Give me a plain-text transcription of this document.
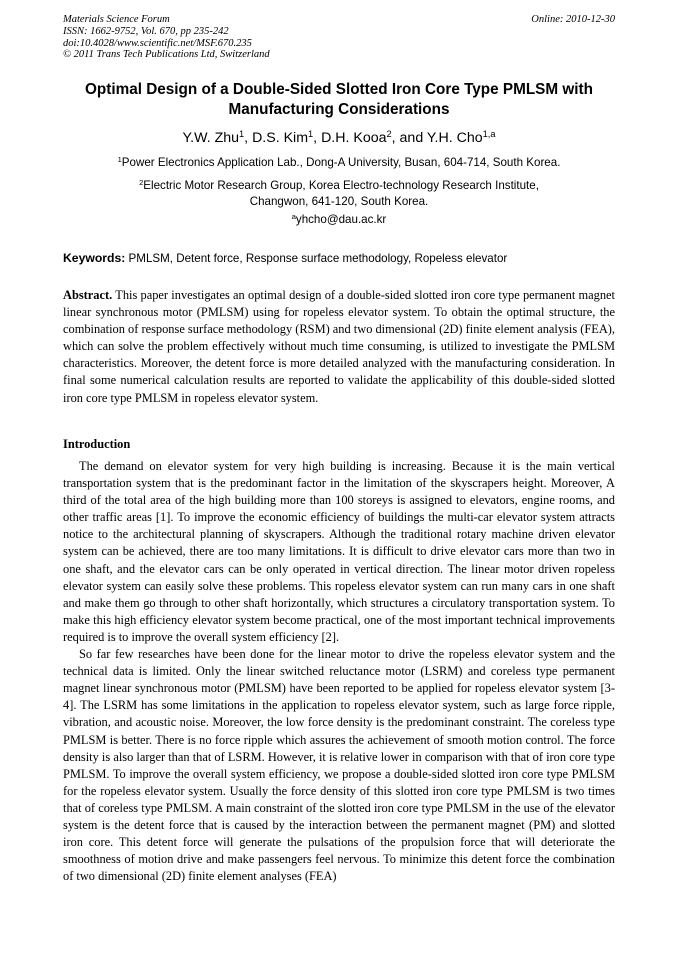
Materials Science Forum
ISSN: 1662-9752, Vol. 670, pp 235-242
doi:10.4028/www.scientific.net/MSF.670.235
© 2011 Trans Tech Publications Ltd, Switzerland
Online: 2010-12-30
Optimal Design of a Double-Sided Slotted Iron Core Type PMLSM with Manufacturing Considerations
Y.W. Zhu$^1$, D.S. Kim$^1$, D.H. Kooa$^2$, and Y.H. Cho$^{1,a}$
$^1$Power Electronics Application Lab., Dong-A University, Busan, 604-714, South Korea.
$^2$Electric Motor Research Group, Korea Electro-technology Research Institute,
Changwon, 641-120, South Korea.
$^a$yhcho@dau.ac.kr
Keywords: PMLSM, Detent force, Response surface methodology, Ropeless elevator
Abstract. This paper investigates an optimal design of a double-sided slotted iron core type permanent magnet linear synchronous motor (PMLSM) using for ropeless elevator system. To obtain the optimal structure, the combination of response surface methodology (RSM) and two dimensional (2D) finite element analysis (FEA), which can solve the problem effectively without much time consuming, is utilized to investigate the PMLSM characteristics. Moreover, the detent force is more detailed analyzed with the manufacturing consideration. In final some numerical calculation results are reported to validate the applicability of this double-sided slotted iron core type PMLSM in ropeless elevator system.
Introduction

The demand on elevator system for very high building is increasing. Because it is the main vertical transportation system that is the predominant factor in the limitation of the skyscrapers height. Moreover, A third of the total area of the high building more than 100 storeys is assigned to elevators, engine rooms, and other traffic areas [1]. To improve the economic efficiency of buildings the multi-car elevator system attracts notice to the architectural planning of skyscrapers. Although the traditional rotary machine driven elevator system can be achieved, there are too many limitations. It is difficult to drive elevator cars more than two in one shaft, and the elevator cars can be only operated in vertical direction. The linear motor driven ropeless elevator system can easily solve these problems. This ropeless elevator system can run many cars in one shaft and make them go through to other shaft horizontally, which structures a circulatory transportation system. To make this high efficiency elevator system become practical, one of the most important technical improvements required is to improve the overall system efficiency [2].

So far few researches have been done for the linear motor to drive the ropeless elevator system and the technical data is limited. Only the linear switched reluctance motor (LSRM) and coreless type permanent magnet linear synchronous motor (PMLSM) have been reported to be applied for ropeless elevator system [3-4]. The LSRM has some limitations in the application to ropeless elevator system, such as large force ripple, vibration, and acoustic noise. Moreover, the low force density is the predominant constraint. The coreless type PMLSM is better. There is no force ripple which assures the achievement of smooth motion control. The force density is also larger than that of LSRM. However, it is relative lower in comparison with that of iron core type PMLSM. To improve the overall system efficiency, we propose a double-sided slotted iron core type PMLSM for the ropeless elevator system. Usually the force density of this slotted iron core type PMLSM is two times that of coreless type PMLSM. A main constraint of the slotted iron core type PMLSM in the use of the elevator system is the detent force that is caused by the interaction between the permanent magnet (PM) and slotted iron core. This detent force will generate the pulsations of the propulsion force that will deteriorate the smoothness of motion drive and make passengers feel nervous. To minimize this detent force the combination of two dimensional (2D) finite element analyses (FEA)
